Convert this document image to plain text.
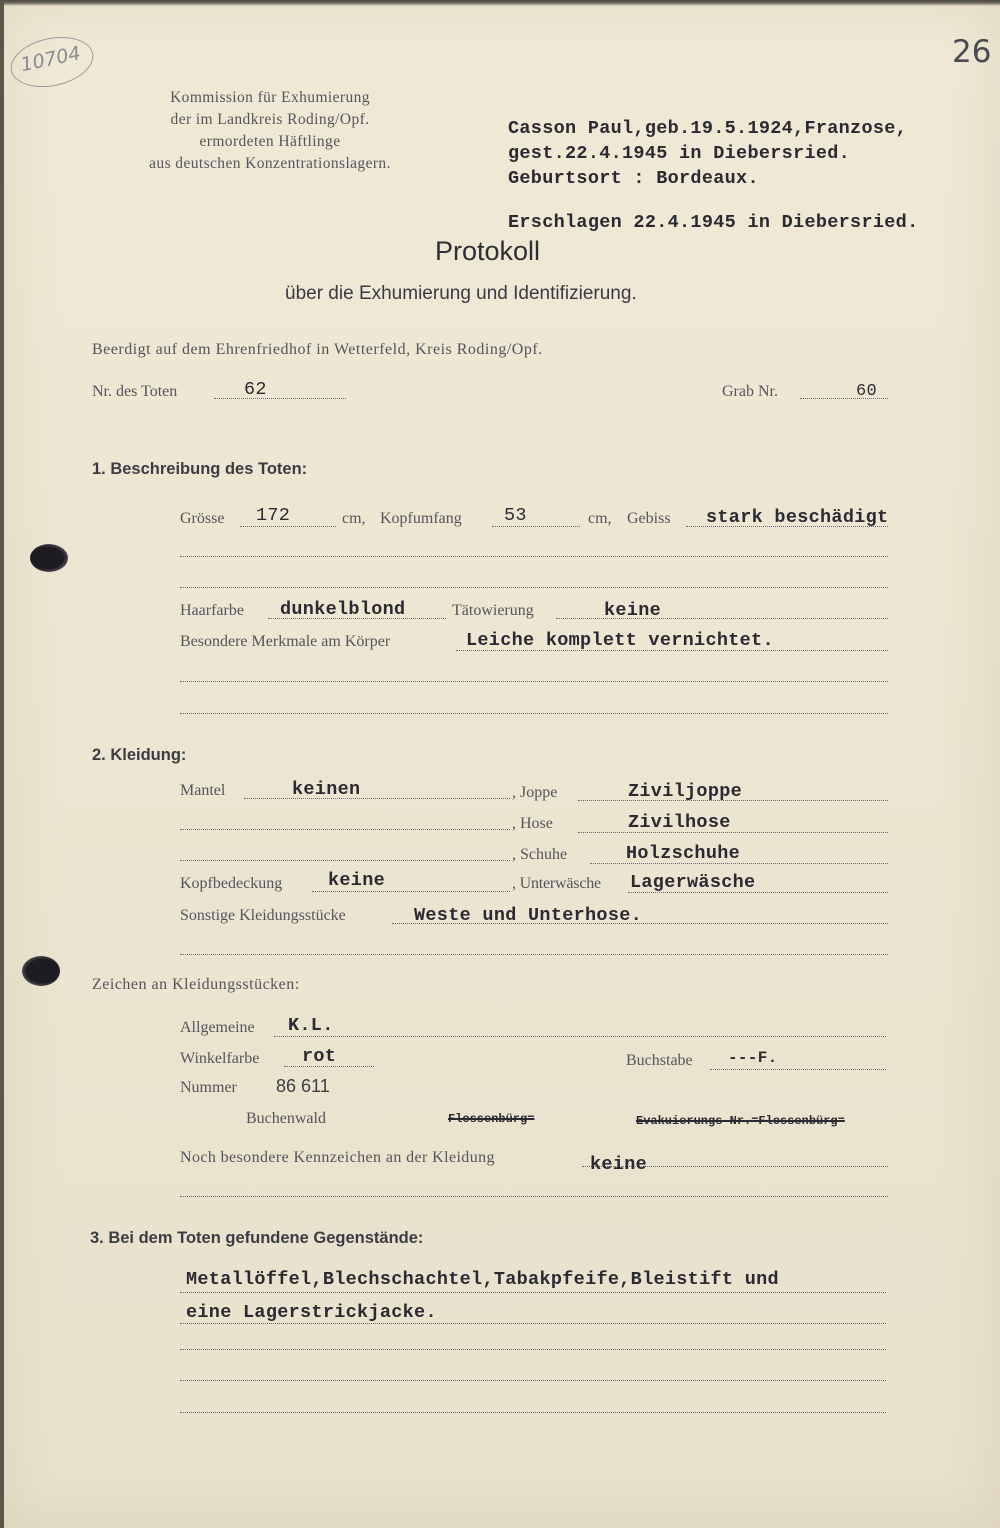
10704	26
Kommission für Exhumierung
der im Landkreis Roding/Opf.
ermordeten Häftlinge
aus deutschen Konzentrationslagern.
Casson Paul,geb.19.5.1924,Franzose,
gest.22.4.1945 in Diebersried.
Geburtsort : Bordeaux.
Erschlagen 22.4.1945 in Diebersried.
Protokoll
über die Exhumierung und Identifizierung.
Beerdigt auf dem Ehrenfriedhof in Wetterfeld, Kreis Roding/Opf.
Nr. des Toten	62	Grab Nr.	60
1. Beschreibung des Toten:
Grösse 172	cm, Kopfumfang 53	cm, Gebiss stark beschädigt
Haarfarbe dunkelblond	Tätowierung	keine
Besondere Merkmale am Körper	Leiche komplett vernichtet.
2. Kleidung:
Mantel	keinen	, Joppe	Ziviljoppe
, Hose	Zivilhose
, Schuhe	Holzschuhe
Kopfbedeckung keine	, Unterwäsche Lagerwäsche
Sonstige Kleidungsstücke	Weste und Unterhose.
Zeichen an Kleidungsstücken:
Allgemeine K.L.
Winkelfarbe rot	Buchstabe ---F.
Nummer 86 611
Buchenwald	Flossenbürg=	Evakuierungs-Nr.=Flossenbürg=
Noch besondere Kennzeichen an der Kleidung	keine
3. Bei dem Toten gefundene Gegenstände:
Metallöffel,Blechschachtel,Tabakpfeife,Bleistift und
eine Lagerstrickjacke.
